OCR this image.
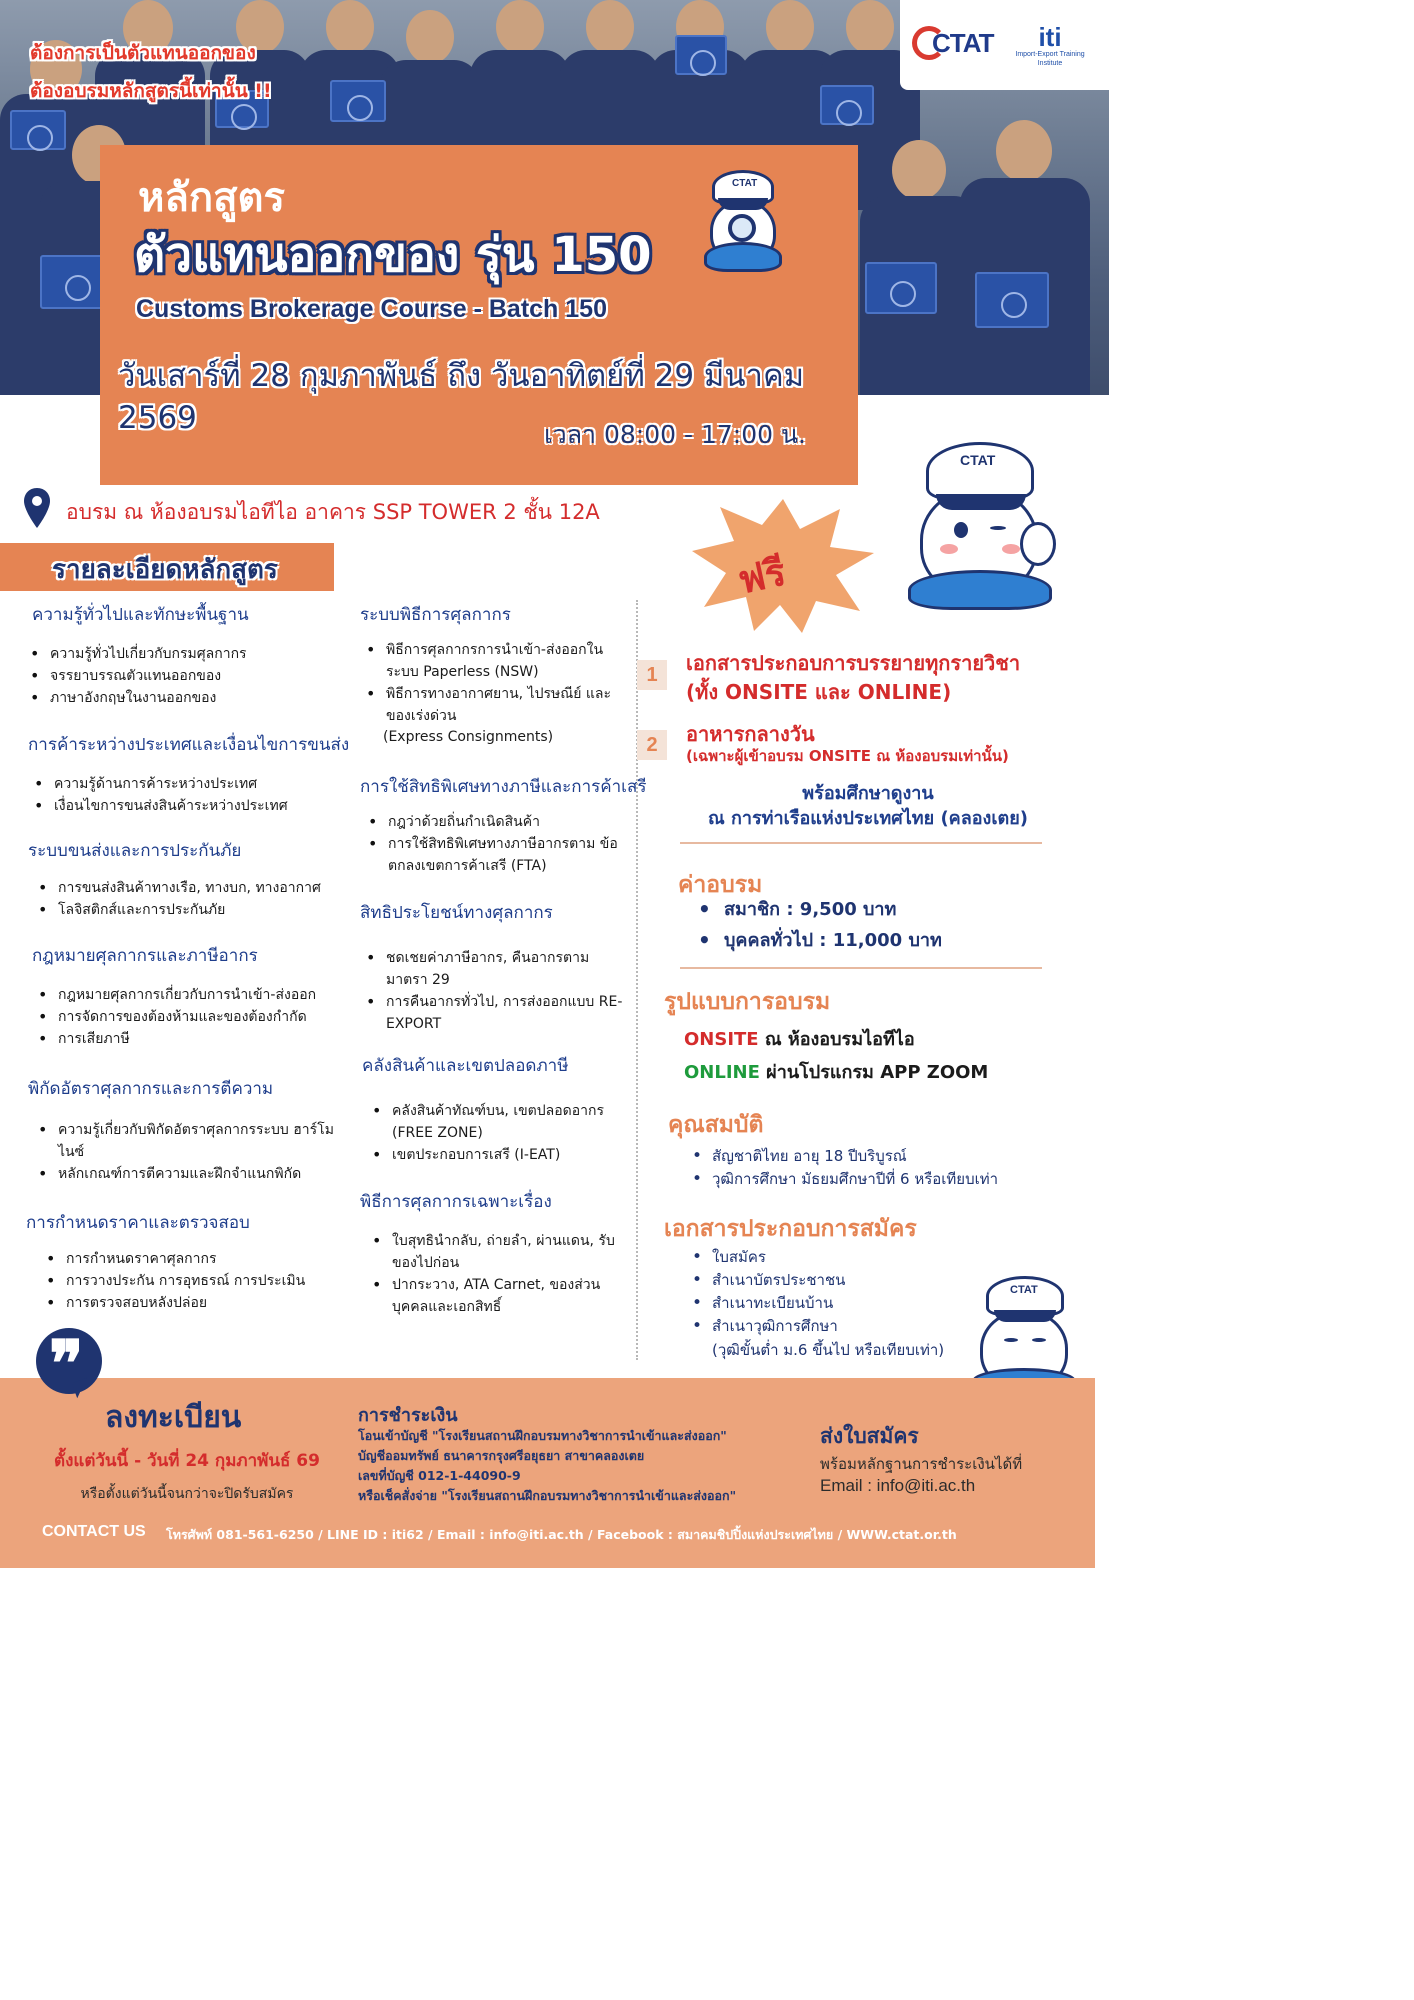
CTAT	iti
Import-Export Training Institute
ต้องการเป็นตัวแทนออกของ
ต้องอบรมหลักสูตรนี้เท่านั้น !!
หลักสูตร
ตัวแทนออกของ รุ่น 150
Customs Brokerage Course - Batch 150
วันเสาร์ที่ 28 กุมภาพันธ์ ถึง วันอาทิตย์ที่ 29 มีนาคม 2569	เวลา 08:00 - 17:00 น.
CTAT
อบรม ณ ห้องอบรมไอทีไอ อาคาร SSP TOWER 2 ชั้น 12A
รายละเอียดหลักสูตร
ความรู้ทั่วไปและทักษะพื้นฐาน
• ความรู้ทั่วไปเกี่ยวกับกรมศุลกากร
• จรรยาบรรณตัวแทนออกของ
• ภาษาอังกฤษในงานออกของ
การค้าระหว่างประเทศและเงื่อนไขการขนส่ง
• ความรู้ด้านการค้าระหว่างประเทศ
• เงื่อนไขการขนส่งสินค้าระหว่างประเทศ
ระบบขนส่งและการประกันภัย
• การขนส่งสินค้าทางเรือ, ทางบก, ทางอากาศ
• โลจิสติกส์และการประกันภัย
กฎหมายศุลกากรและภาษีอากร
• กฎหมายศุลกากรเกี่ยวกับการนำเข้า-ส่งออก
• การจัดการของต้องห้ามและของต้องกำกัด
• การเสียภาษี
พิกัดอัตราศุลกากรและการตีความ
• ความรู้เกี่ยวกับพิกัดอัตราศุลกากรระบบ ฮาร์โมไนซ์
• หลักเกณฑ์การตีความและฝึกจำแนกพิกัด
การกำหนดราคาและตรวจสอบ
• การกำหนดราคาศุลกากร
• การวางประกัน การอุทธรณ์ การประเมิน
• การตรวจสอบหลังปล่อย
ระบบพิธีการศุลกากร
• พิธีการศุลกากรการนำเข้า-ส่งออกใน ระบบ Paperless (NSW)
• พิธีการทางอากาศยาน, ไปรษณีย์ และของเร่งด่วน
(Express Consignments)
การใช้สิทธิพิเศษทางภาษีและการค้าเสรี
• กฎว่าด้วยถิ่นกำเนิดสินค้า
• การใช้สิทธิพิเศษทางภาษีอากรตาม ข้อตกลงเขตการค้าเสรี (FTA)
สิทธิประโยชน์ทางศุลกากร
• ชดเชยค่าภาษีอากร, คืนอากรตาม มาตรา 29
• การคืนอากรทั่วไป, การส่งออกแบบ RE-EXPORT
คลังสินค้าและเขตปลอดภาษี
• คลังสินค้าทัณฑ์บน, เขตปลอดอากร (FREE ZONE)
• เขตประกอบการเสรี (I-EAT)
พิธีการศุลกากรเฉพาะเรื่อง
• ใบสุทธินำกลับ, ถ่ายลำ, ผ่านแดน, รับ ของไปก่อน
• ปากระวาง, ATA Carnet, ของส่วน บุคคลและเอกสิทธิ์
ฟรี
CTAT
1	เอกสารประกอบการบรรยายทุกรายวิชา
(ทั้ง ONSITE และ ONLINE)
2	อาหารกลางวัน
(เฉพาะผู้เข้าอบรม ONSITE ณ ห้องอบรมเท่านั้น)
พร้อมศึกษาดูงาน
ณ การท่าเรือแห่งประเทศไทย (คลองเตย)
ค่าอบรม
• สมาชิก : 9,500 บาท
• บุคคลทั่วไป : 11,000 บาท
รูปแบบการอบรม
ONSITE ณ ห้องอบรมไอทีไอ
ONLINE ผ่านโปรแกรม APP ZOOM
คุณสมบัติ
• สัญชาติไทย อายุ 18 ปีบริบูรณ์
• วุฒิการศึกษา มัธยมศึกษาปีที่ 6 หรือเทียบเท่า
เอกสารประกอบการสมัคร
• ใบสมัคร
• สำเนาบัตรประชาชน
• สำเนาทะเบียนบ้าน
• สำเนาวุฒิการศึกษา
(วุฒิขั้นต่ำ ม.6 ขึ้นไป หรือเทียบเท่า)
CTAT
❞
ลงทะเบียน
ตั้งแต่วันนี้ - วันที่ 24 กุมภาพันธ์ 69
หรือตั้งแต่วันนี้จนกว่าจะปิดรับสมัคร
การชำระเงิน
โอนเข้าบัญชี "โรงเรียนสถานฝึกอบรมทางวิชาการนำเข้าและส่งออก"
บัญชีออมทรัพย์ ธนาคารกรุงศรีอยุธยา สาขาคลองเตย
เลขที่บัญชี 012-1-44090-9
หรือเช็คสั่งจ่าย "โรงเรียนสถานฝึกอบรมทางวิชาการนำเข้าและส่งออก"
ส่งใบสมัคร
พร้อมหลักฐานการชำระเงินได้ที่
Email : info@iti.ac.th
CONTACT US โทรศัพท์ 081-561-6250 / LINE ID : iti62 / Email : info@iti.ac.th / Facebook : สมาคมชิปปิ้งแห่งประเทศไทย / WWW.ctat.or.th
